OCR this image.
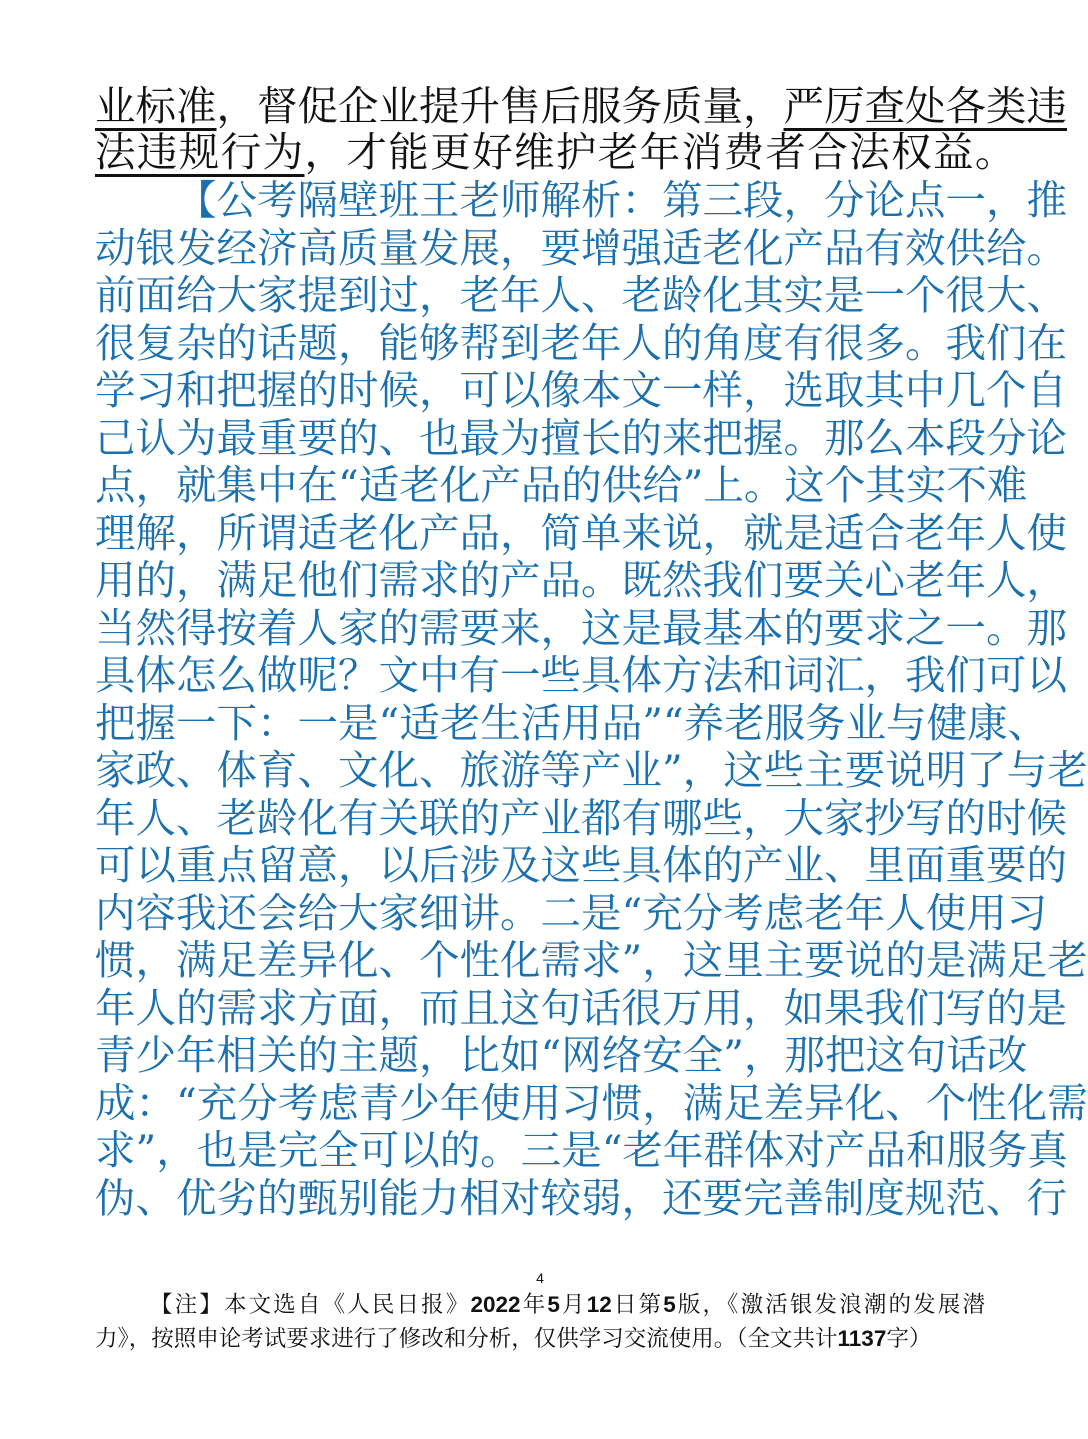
业标准，督促企业提升售后服务质量，严厉查处各类违
法违规行为，才能更好维护老年消费者合法权益。
【公考隔壁班王老师解析：第三段，分论点一，推
动银发经济高质量发展，要增强适老化产品有效供给。
前面给大家提到过，老年人、老龄化其实是一个很大、
很复杂的话题，能够帮到老年人的角度有很多。我们在
学习和把握的时候，可以像本文一样，选取其中几个自
己认为最重要的、也最为擅长的来把握。那么本段分论
点，就集中在“适老化产品的供给”上。这个其实不难
理解，所谓适老化产品，简单来说，就是适合老年人使
用的，满足他们需求的产品。既然我们要关心老年人，
当然得按着人家的需要来，这是最基本的要求之一。那
具体怎么做呢？文中有一些具体方法和词汇，我们可以
把握一下：一是“适老生活用品”“养老服务业与健康、
家政、体育、文化、旅游等产业”，这些主要说明了与老
年人、老龄化有关联的产业都有哪些，大家抄写的时候
可以重点留意，以后涉及这些具体的产业、里面重要的
内容我还会给大家细讲。二是“充分考虑老年人使用习
惯，满足差异化、个性化需求”，这里主要说的是满足老
年人的需求方面，而且这句话很万用，如果我们写的是
青少年相关的主题，比如“网络安全”，那把这句话改
成：“充分考虑青少年使用习惯，满足差异化、个性化需
求”，也是完全可以的。三是“老年群体对产品和服务真
4
【注】本文选自《人民日报》2022年5月12日第5版，《激活银发浪潮的发展潜
力》，按照申论考试要求进行了修改和分析，仅供学习交流使用。（全文共计1137字）
伪、优劣的甄别能力相对较弱，还要完善制度规范、行
